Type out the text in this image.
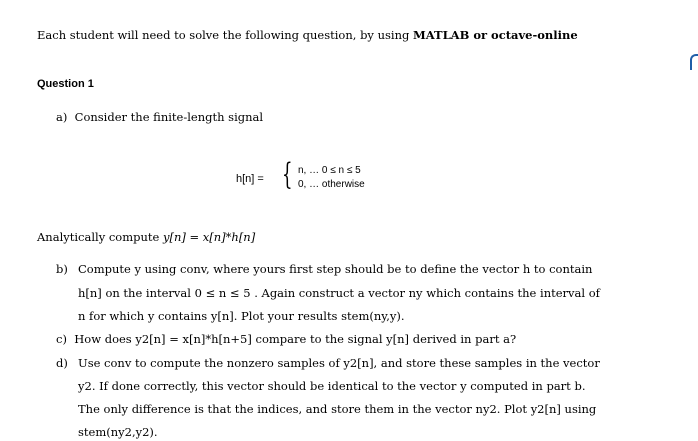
Each student will need to solve the following question, by using MATLAB or octave-online
Question 1
a) Consider the finite-length signal
h[n] = { n, … 0 ≤ n ≤ 5
0, … otherwise
Analytically compute y[n] = x[n]*h[n]
b) Compute y using conv, where yours first step should be to define the vector h to contain
h[n] on the interval 0 ≤ n ≤ 5 . Again construct a vector ny which contains the interval of
n for which y contains y[n]. Plot your results stem(ny,y).
c) How does y2[n] = x[n]*h[n+5] compare to the signal y[n] derived in part a?
d) Use conv to compute the nonzero samples of y2[n], and store these samples in the vector
y2. If done correctly, this vector should be identical to the vector y computed in part b.
The only difference is that the indices, and store them in the vector ny2. Plot y2[n] using
stem(ny2,y2).
